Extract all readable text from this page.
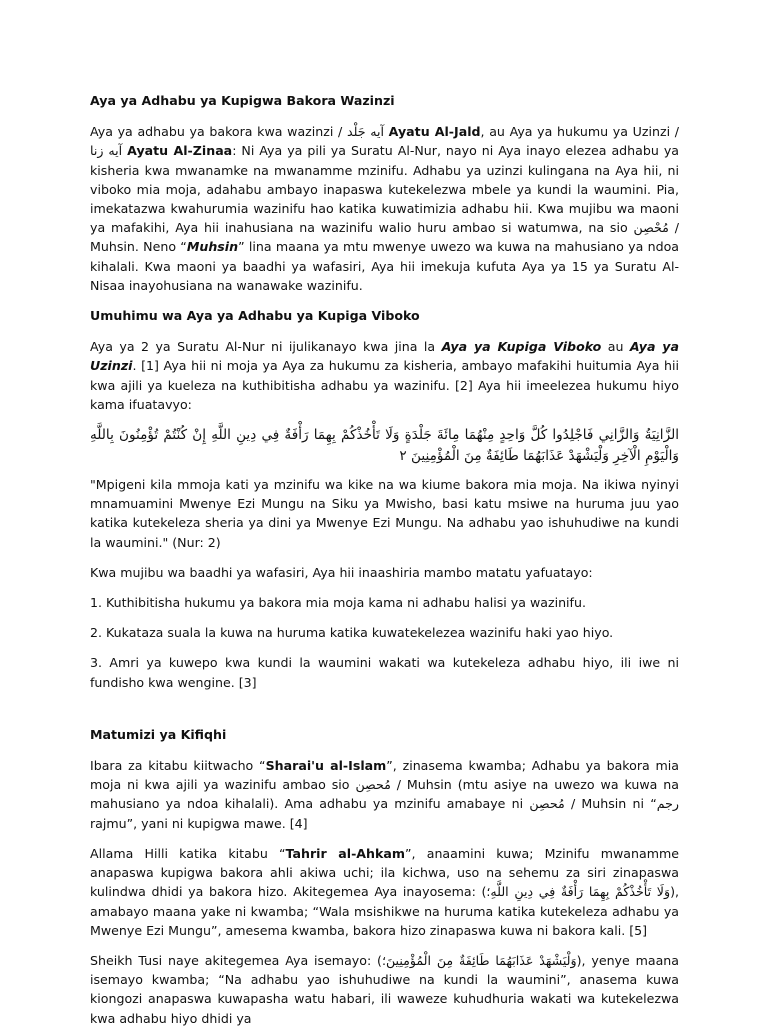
Aya ya Adhabu ya Kupigwa Bakora Wazinzi

Aya ya adhabu ya bakora kwa wazinzi / آيه جَلْد Ayatu Al-Jald, au Aya ya hukumu ya Uzinzi / آيه زنا Ayatu Al-Zinaa: Ni Aya ya pili ya Suratu Al-Nur, nayo ni Aya inayo elezea adhabu ya kisheria kwa mwanamke na mwanamme mzinifu. Adhabu ya uzinzi kulingana na Aya hii, ni viboko mia moja, adahabu ambayo inapaswa kutekelezwa mbele ya kundi la waumini. Pia, imekatazwa kwahurumia wazinifu hao katika kuwatimizia adhabu hii. Kwa mujibu wa maoni ya mafakihi, Aya hii inahusiana na wazinifu walio huru ambao si watumwa, na sio مُحْصِن / Muhsin. Neno “Muhsin” lina maana ya mtu mwenye uwezo wa kuwa na mahusiano ya ndoa kihalali. Kwa maoni ya baadhi ya wafasiri, Aya hii imekuja kufuta Aya ya 15 ya Suratu Al-Nisaa inayohusiana na wanawake wazinifu.

Umuhimu wa Aya ya Adhabu ya Kupiga Viboko

Aya ya 2 ya Suratu Al-Nur ni ijulikanayo kwa jina la Aya ya Kupiga Viboko au Aya ya Uzinzi. [1] Aya hii ni moja ya Aya za hukumu za kisheria, ambayo mafakihi huitumia Aya hii kwa ajili ya kueleza na kuthibitisha adhabu ya wazinifu. [2] Aya hii imeelezea hukumu hiyo kama ifuatavyo:

الزَّانِيَةُ وَالزَّانِي فَاجْلِدُوا كُلَّ وَاحِدٍ مِنْهُمَا مِائَةَ جَلْدَةٍ وَلَا تَأْخُذْكُمْ بِهِمَا رَأْفَةٌ فِي دِينِ اللَّهِ إِنْ كُنْتُمْ تُؤْمِنُونَ بِاللَّهِ وَالْيَوْمِ الْآخِرِ وَلْيَشْهَدْ عَذَابَهُمَا طَائِفَةٌ مِنَ الْمُؤْمِنِينَ ٢

"Mpigeni kila mmoja kati ya mzinifu wa kike na wa kiume bakora mia moja. Na ikiwa nyinyi mnamuamini Mwenye Ezi Mungu na Siku ya Mwisho, basi katu msiwe na huruma juu yao katika kutekeleza sheria ya dini ya Mwenye Ezi Mungu. Na adhabu yao ishuhudiwe na kundi la waumini." (Nur: 2)

Kwa mujibu wa baadhi ya wafasiri, Aya hii inaashiria mambo matatu yafuatayo:

1. Kuthibitisha hukumu ya bakora mia moja kama ni adhabu halisi ya wazinifu.

2. Kukataza suala la kuwa na huruma katika kuwatekelezea wazinifu haki yao hiyo.

3. Amri ya kuwepo kwa kundi la waumini wakati wa kutekeleza adhabu hiyo, ili iwe ni fundisho kwa wengine. [3]

Matumizi ya Kifiqhi

Ibara za kitabu kiitwacho “Sharai'u al-Islam”, zinasema kwamba; Adhabu ya bakora mia moja ni kwa ajili ya wazinifu ambao sio مُحصِن / Muhsin (mtu asiye na uwezo wa kuwa na mahusiano ya ndoa kihalali). Ama adhabu ya mzinifu amabaye ni مُحصِن / Muhsin ni “رجم rajmu”, yani ni kupigwa mawe. [4]

Allama Hilli katika kitabu “Tahrir al-Ahkam”, anaamini kuwa; Mzinifu mwanamme anapaswa kupigwa bakora ahli akiwa uchi; ila kichwa, uso na sehemu za siri zinapaswa kulindwa dhidi ya bakora hizo. Akitegemea Aya inayosema: (وَلَا تَأْخُذْكُمْ بِهِمَا رَأْفَةٌ فِي دِينِ اللَّهِ؛), amabayo maana yake ni kwamba; “Wala msishikwe na huruma katika kutekeleza adhabu ya Mwenye Ezi Mungu”, amesema kwamba, bakora hizo zinapaswa kuwa ni bakora kali. [5]

Sheikh Tusi naye akitegemea Aya isemayo: (وَلْيَشْهَدْ عَذَابَهُمَا طَائِفَةٌ مِنَ الْمُؤْمِنِينَ؛), yenye maana isemayo kwamba; “Na adhabu yao ishuhudiwe na kundi la waumini”, anasema kuwa kiongozi anapaswa kuwapasha watu habari, ili waweze kuhudhuria wakati wa kutekelezwa kwa adhabu hiyo dhidi ya
